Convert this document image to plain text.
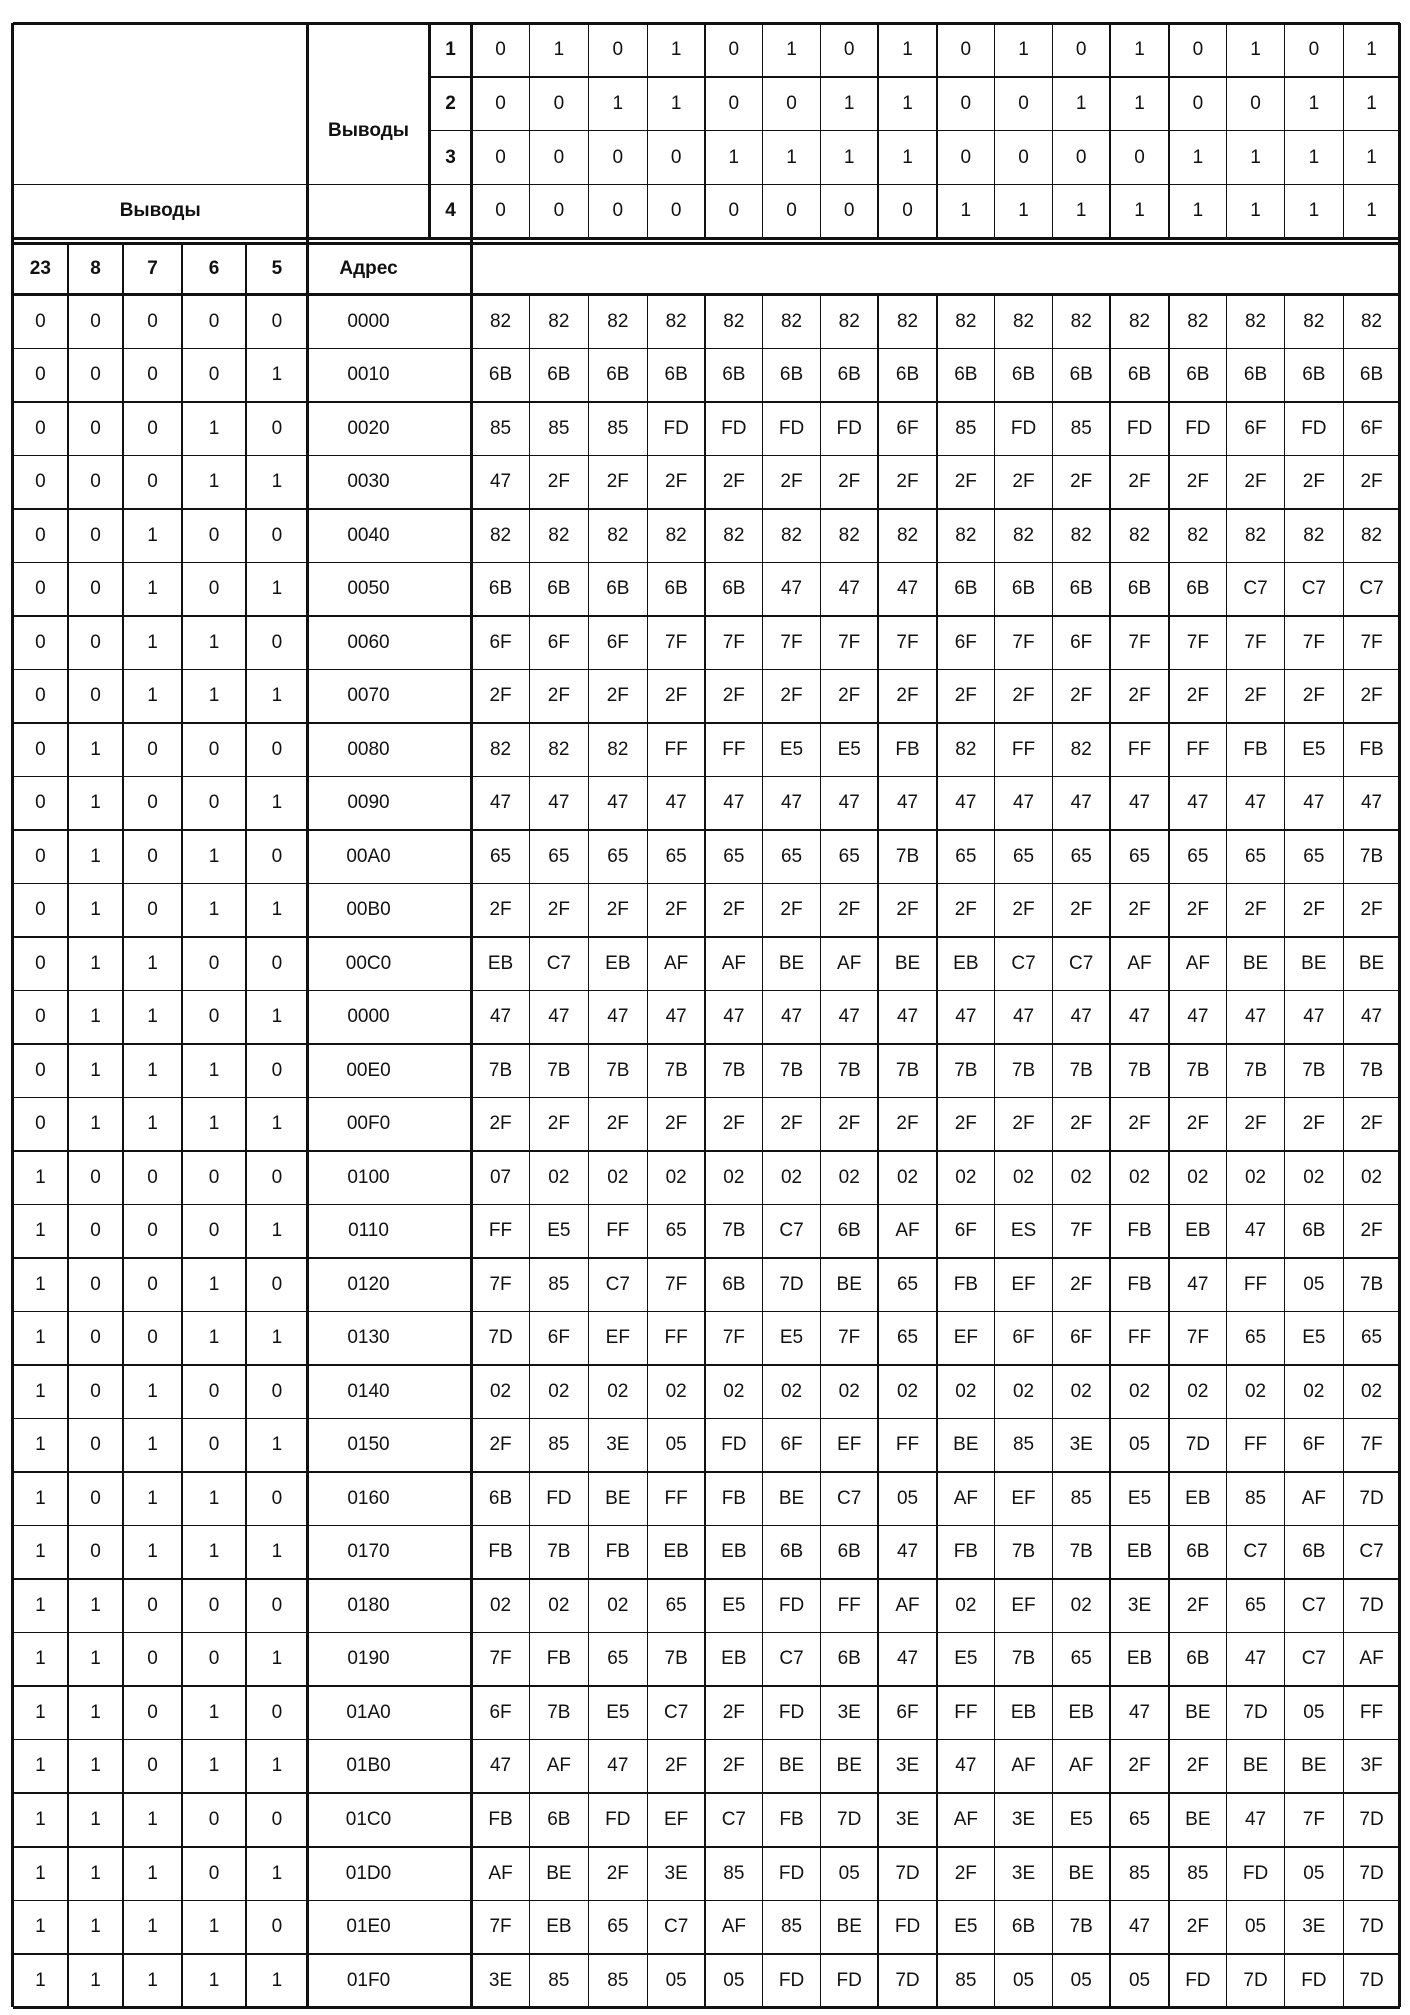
Выводы
Выводы
Адрес
1	0	1	0	1	0	1	0	1	0	1	0	1	0	1	0	1
2	0	0	1	1	0	0	1	1	0	0	1	1	0	0	1	1
3	0	0	0	0	1	1	1	1	0	0	0	0	1	1	1	1
4	0	0	0	0	0	0	0	0	1	1	1	1	1	1	1	1
23	8	7	6	5
0	0	0	0	0	0000	82	82	82	82	82	82	82	82	82	82	82	82	82	82	82	82
0	0	0	0	1	0010	6B	6B	6B	6B	6B	6B	6B	6B	6B	6B	6B	6B	6B	6B	6B	6B
0	0	0	1	0	0020	85	85	85	FD	FD	FD	FD	6F	85	FD	85	FD	FD	6F	FD	6F
0	0	0	1	1	0030	47	2F	2F	2F	2F	2F	2F	2F	2F	2F	2F	2F	2F	2F	2F	2F
0	0	1	0	0	0040	82	82	82	82	82	82	82	82	82	82	82	82	82	82	82	82
0	0	1	0	1	0050	6B	6B	6B	6B	6B	47	47	47	6B	6B	6B	6B	6B	C7	C7	C7
0	0	1	1	0	0060	6F	6F	6F	7F	7F	7F	7F	7F	6F	7F	6F	7F	7F	7F	7F	7F
0	0	1	1	1	0070	2F	2F	2F	2F	2F	2F	2F	2F	2F	2F	2F	2F	2F	2F	2F	2F
0	1	0	0	0	0080	82	82	82	FF	FF	E5	E5	FB	82	FF	82	FF	FF	FB	E5	FB
0	1	0	0	1	0090	47	47	47	47	47	47	47	47	47	47	47	47	47	47	47	47
0	1	0	1	0	00A0	65	65	65	65	65	65	65	7B	65	65	65	65	65	65	65	7B
0	1	0	1	1	00B0	2F	2F	2F	2F	2F	2F	2F	2F	2F	2F	2F	2F	2F	2F	2F	2F
0	1	1	0	0	00C0	EB	C7	EB	AF	AF	BE	AF	BE	EB	C7	C7	AF	AF	BE	BE	BE
0	1	1	0	1	0000	47	47	47	47	47	47	47	47	47	47	47	47	47	47	47	47
0	1	1	1	0	00E0	7B	7B	7B	7B	7B	7B	7B	7B	7B	7B	7B	7B	7B	7B	7B	7B
0	1	1	1	1	00F0	2F	2F	2F	2F	2F	2F	2F	2F	2F	2F	2F	2F	2F	2F	2F	2F
1	0	0	0	0	0100	07	02	02	02	02	02	02	02	02	02	02	02	02	02	02	02
1	0	0	0	1	0110	FF	E5	FF	65	7B	C7	6B	AF	6F	ES	7F	FB	EB	47	6B	2F
1	0	0	1	0	0120	7F	85	C7	7F	6B	7D	BE	65	FB	EF	2F	FB	47	FF	05	7B
1	0	0	1	1	0130	7D	6F	EF	FF	7F	E5	7F	65	EF	6F	6F	FF	7F	65	E5	65
1	0	1	0	0	0140	02	02	02	02	02	02	02	02	02	02	02	02	02	02	02	02
1	0	1	0	1	0150	2F	85	3E	05	FD	6F	EF	FF	BE	85	3E	05	7D	FF	6F	7F
1	0	1	1	0	0160	6B	FD	BE	FF	FB	BE	C7	05	AF	EF	85	E5	EB	85	AF	7D
1	0	1	1	1	0170	FB	7B	FB	EB	EB	6B	6B	47	FB	7B	7B	EB	6B	C7	6B	C7
1	1	0	0	0	0180	02	02	02	65	E5	FD	FF	AF	02	EF	02	3E	2F	65	C7	7D
1	1	0	0	1	0190	7F	FB	65	7B	EB	C7	6B	47	E5	7B	65	EB	6B	47	C7	AF
1	1	0	1	0	01A0	6F	7B	E5	C7	2F	FD	3E	6F	FF	EB	EB	47	BE	7D	05	FF
1	1	0	1	1	01B0	47	AF	47	2F	2F	BE	BE	3E	47	AF	AF	2F	2F	BE	BE	3F
1	1	1	0	0	01C0	FB	6B	FD	EF	C7	FB	7D	3E	AF	3E	E5	65	BE	47	7F	7D
1	1	1	0	1	01D0	AF	BE	2F	3E	85	FD	05	7D	2F	3E	BE	85	85	FD	05	7D
1	1	1	1	0	01E0	7F	EB	65	C7	AF	85	BE	FD	E5	6B	7B	47	2F	05	3E	7D
1	1	1	1	1	01F0	3E	85	85	05	05	FD	FD	7D	85	05	05	05	FD	7D	FD	7D
